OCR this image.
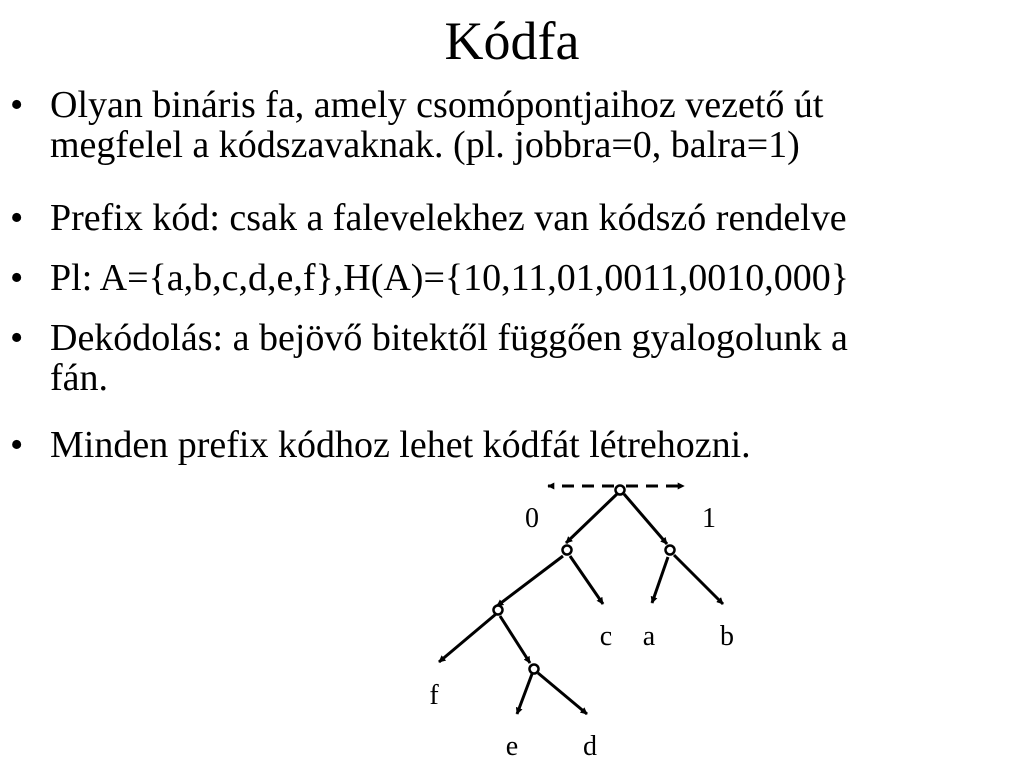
Kódfa
• Olyan bináris fa, amely csomópontjaihoz vezető út
megfelel a kódszavaknak. (pl. jobbra=0, balra=1)
• Prefix kód: csak a falevelekhez van kódszó rendelve
• Pl: A={a,b,c,d,e,f},H(A)={10,11,01,0011,0010,000}
• Dekódolás: a bejövő bitektől függően gyalogolunk a
fán.
• Minden prefix kódhoz lehet kódfát létrehozni.
0	1
c a b
f
e d
